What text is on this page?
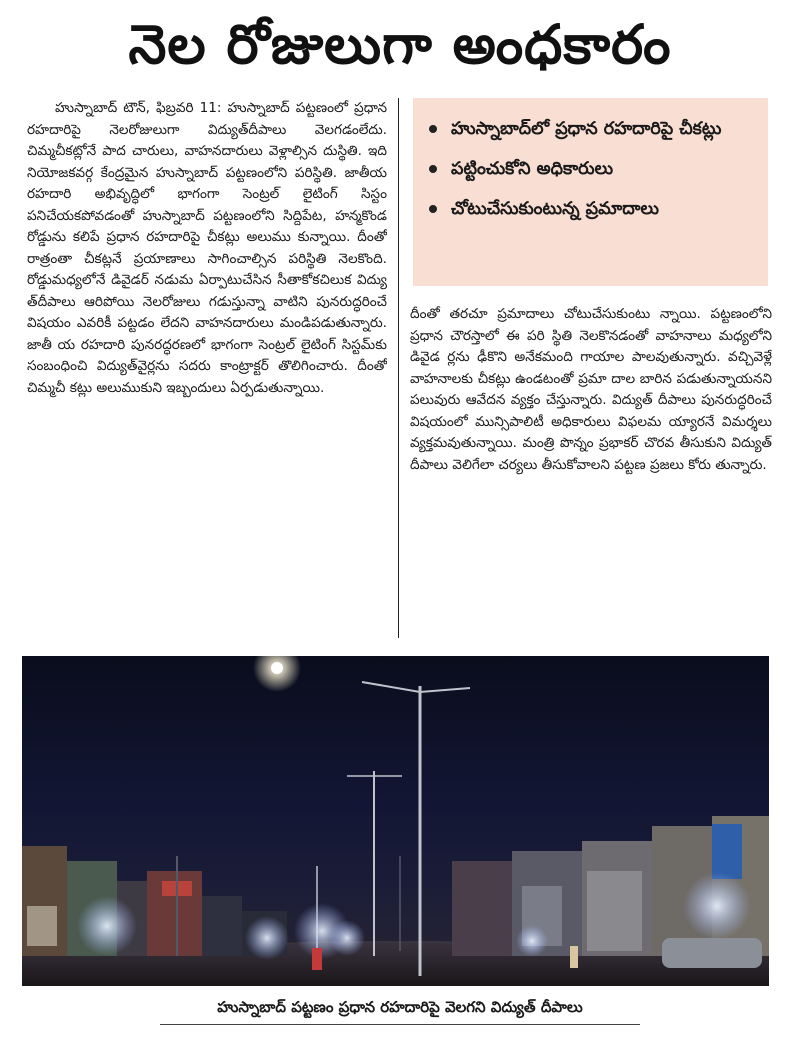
నెల రోజులుగా అంధకారం

హుస్నాబాద్ టౌన్, ఫిబ్రవరి 11: హుస్నాబాద్ పట్టణంలో ప్రధాన రహదారిపై నెలరోజులుగా విద్యుత్‌దీపాలు వెలగడంలేదు. చిమ్మచీకట్లోనే పాద చారులు, వాహనదారులు వెళ్లాల్సిన దుస్థితి. ఇది నియోజకవర్గ కేంద్రమైన హుస్నాబాద్ పట్టణంలోని పరిస్థితి. జాతీయ రహదారి అభివృద్ధిలో భాగంగా సెంట్రల్ లైటింగ్ సిస్టం పనిచేయకపోవడంతో హుస్నాబాద్ పట్టణంలోని సిద్దిపేట, హన్మకొండ రోడ్డును కలిపే ప్రధాన రహదారిపై చీకట్లు అలుము కున్నాయి. దీంతో రాత్రంతా చీకట్లనే ప్రయాణాలు సాగించాల్సిన పరిస్థితి నెలకొంది. రోడ్డుమధ్యలోనే డివైడర్ నడుమ ఏర్పాటుచేసిన సీతాకోకచిలుక విద్యు త్‌దీపాలు ఆరిపోయి నెలరోజులు గడుస్తున్నా వాటిని పునరుద్ధరించే విషయం ఎవరికీ పట్టడం లేదని వాహనదారులు మండిపడుతున్నారు. జాతీ య రహదారి పునరద్ధరణలో భాగంగా సెంట్రల్ లైటింగ్ సిస్టమ్‌కు సంబంధించి విద్యుత్‌వైర్లను సదరు కాంట్రాక్టర్ తొలిగించారు. దీంతో చిమ్మచీ కట్లు అలుముకుని ఇబ్బందులు ఏర్పడుతున్నాయి.

హుస్నాబాద్‌లో ప్రధాన రహదారిపై చీకట్లు
పట్టించుకోని అధికారులు
చోటుచేసుకుంటున్న ప్రమాదాలు

దీంతో తరచూ ప్రమాదాలు చోటుచేసుకుంటు న్నాయి. పట్టణంలోని ప్రధాన చౌరస్తాలో ఈ పరి స్థితి నెలకొనడంతో వాహనాలు మధ్యలోని డివైడ ర్లను ఢీకొని అనేకమంది గాయాల పాలవుతున్నారు. వచ్చివెళ్లే వాహనాలకు చీకట్లు ఉండటంతో ప్రమా దాల బారిన పడుతున్నాయనని పలువురు ఆవేదన వ్యక్తం చేస్తున్నారు. విద్యుత్ దీపాలు పునరుద్ధరించే విషయంలో మున్సిపాలిటీ అధికారులు విఫలమ య్యారనే విమర్శలు వ్యక్తమవుతున్నాయి. మంత్రి పొన్నం ప్రభాకర్ చొరవ తీసుకుని విద్యుత్ దీపాలు వెలిగేలా చర్యలు తీసుకోవాలని పట్టణ ప్రజలు కోరు తున్నారు.

హుస్నాబాద్ పట్టణం ప్రధాన రహదారిపై వెలగని విద్యుత్ దీపాలు
